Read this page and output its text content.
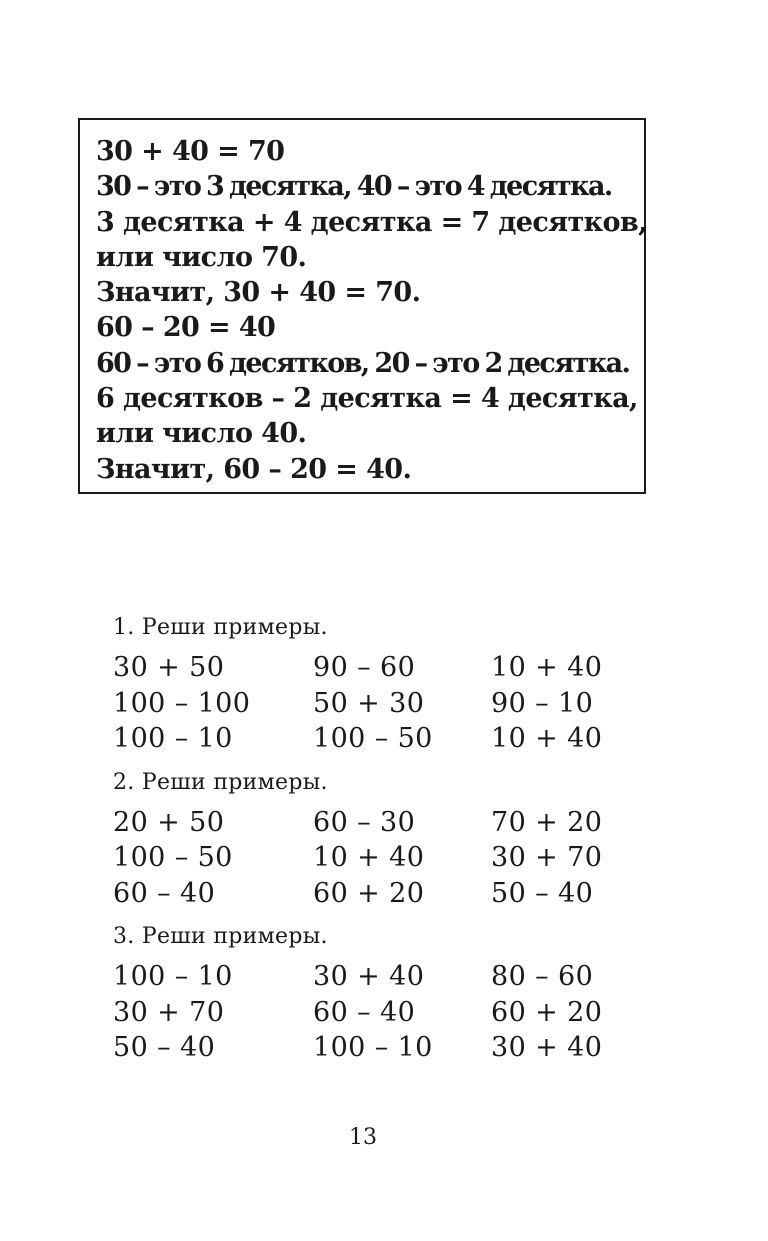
30 + 40 = 70
30 – это 3 десятка, 40 – это 4 десятка.
3 десятка + 4 десятка = 7 десятков,
или число 70.
Значит, 30 + 40 = 70.
60 – 20 = 40
60 – это 6 десятков, 20 – это 2 десятка.
6 десятков – 2 десятка = 4 десятка,
или число 40.
Значит, 60 – 20 = 40.
1. Реши примеры.
30 + 50	90 – 60	10 + 40
100 – 100	50 + 30	90 – 10
100 – 10	100 – 50	10 + 40
2. Реши примеры.
20 + 50	60 – 30	70 + 20
100 – 50	10 + 40	30 + 70
60 – 40	60 + 20	50 – 40
3. Реши примеры.
100 – 10	30 + 40	80 – 60
30 + 70	60 – 40	60 + 20
50 – 40	100 – 10	30 + 40
13
